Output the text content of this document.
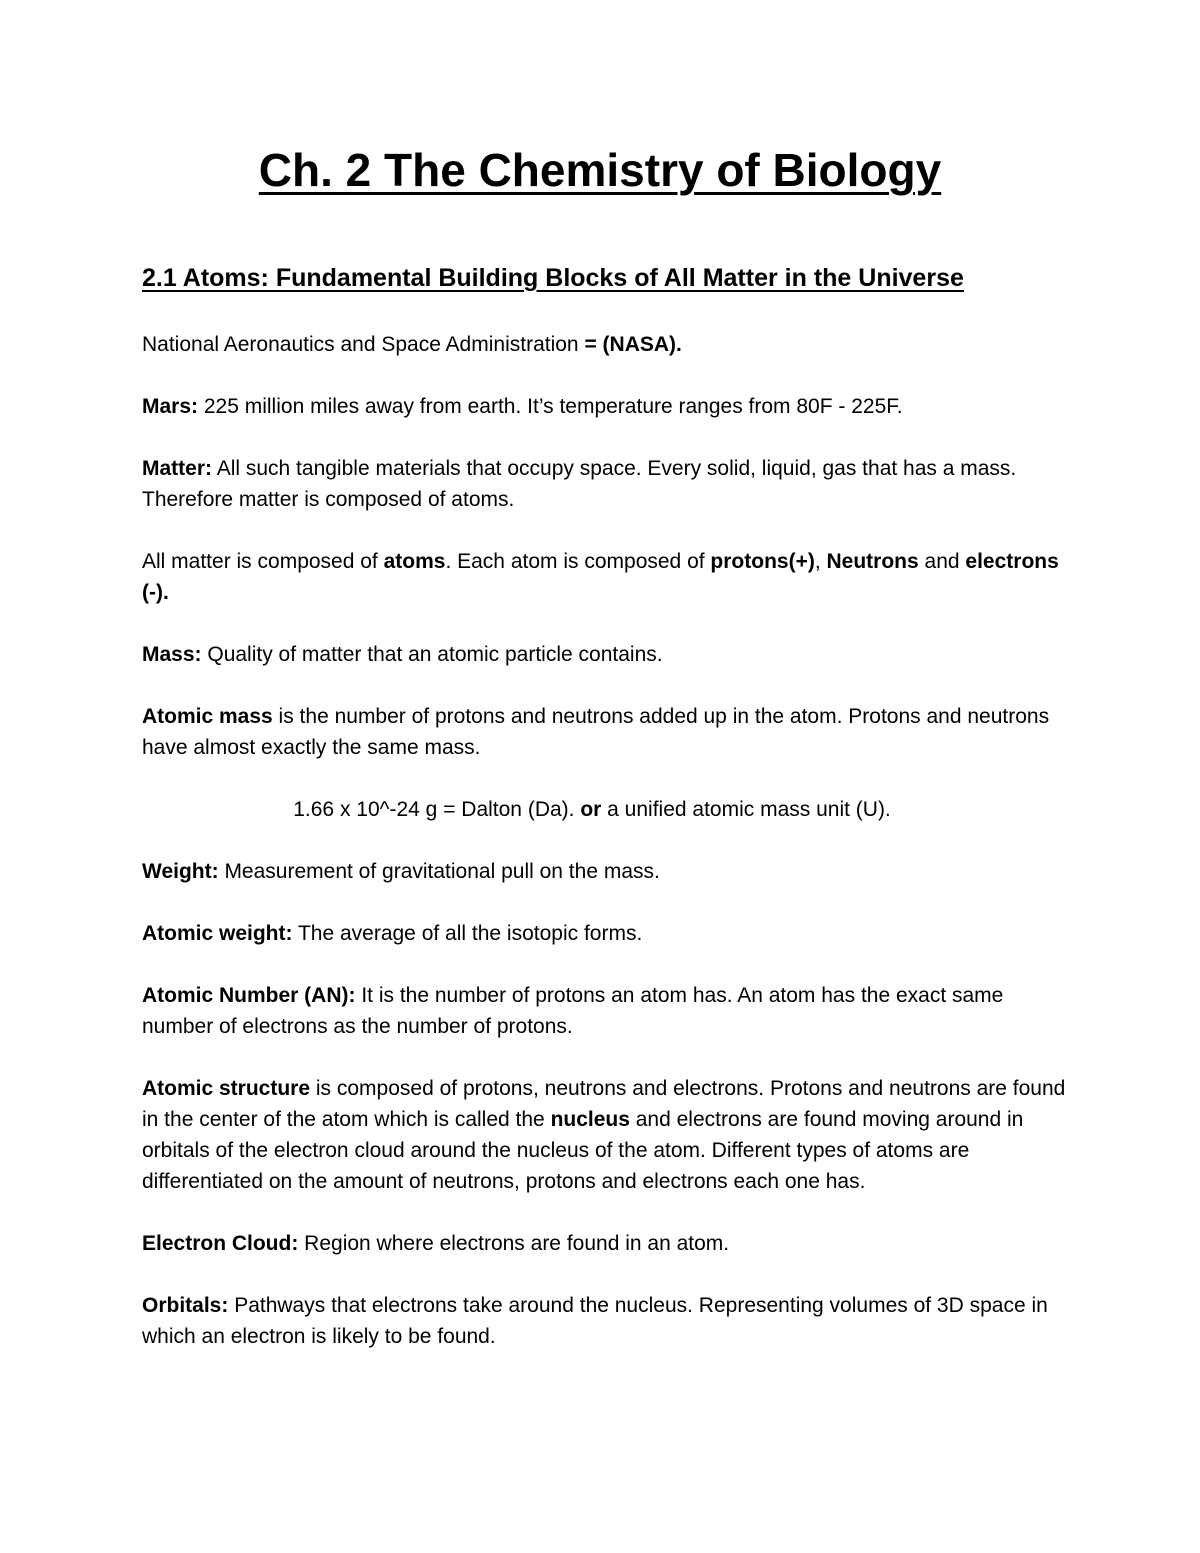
Ch. 2 The Chemistry of Biology
2.1 Atoms: Fundamental Building Blocks of All Matter in the Universe

National Aeronautics and Space Administration = (NASA).

Mars: 225 million miles away from earth. It’s temperature ranges from 80F - 225F.

Matter: All such tangible materials that occupy space. Every solid, liquid, gas that has a mass. Therefore matter is composed of atoms.

All matter is composed of atoms. Each atom is composed of protons(+), Neutrons and electrons (-).

Mass: Quality of matter that an atomic particle contains.

Atomic mass is the number of protons and neutrons added up in the atom. Protons and neutrons have almost exactly the same mass.

1.66 x 10^-24 g = Dalton (Da). or a unified atomic mass unit (U).

Weight: Measurement of gravitational pull on the mass.

Atomic weight: The average of all the isotopic forms.

Atomic Number (AN): It is the number of protons an atom has. An atom has the exact same number of electrons as the number of protons.

Atomic structure is composed of protons, neutrons and electrons. Protons and neutrons are found in the center of the atom which is called the nucleus and electrons are found moving around in orbitals of the electron cloud around the nucleus of the atom. Different types of atoms are differentiated on the amount of neutrons, protons and electrons each one has.

Electron Cloud: Region where electrons are found in an atom.

Orbitals: Pathways that electrons take around the nucleus. Representing volumes of 3D space in which an electron is likely to be found.
